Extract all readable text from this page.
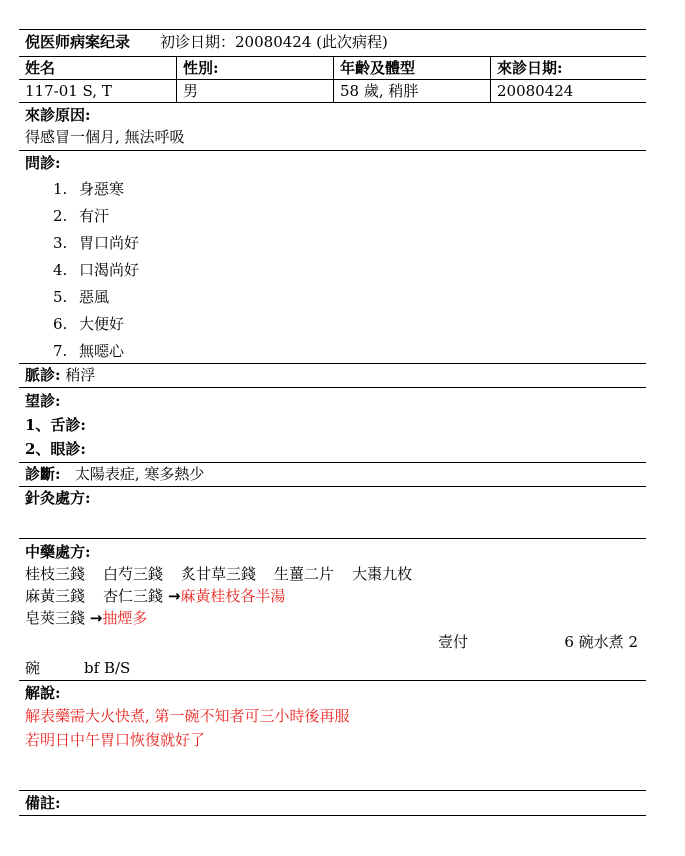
倪医师病案纪录 初诊日期：20080424 (此次病程)
姓名	性別:	年齡及體型	來診日期:
117-01 S, T	男	58 歲, 稍胖	20080424
來診原因:
得感冒一個月, 無法呼吸
問診:
1. 身惡寒
2. 有汗
3. 胃口尚好
4. 口渴尚好
5. 惡風
6. 大便好
7. 無噁心
脈診: 稍浮
望診:
1、舌診:
2、眼診:
診斷: 太陽表症, 寒多熱少
針灸處方:
中藥處方:
桂枝三錢 白芍三錢 炙甘草三錢 生薑二片 大棗九枚
麻黃三錢 杏仁三錢 →麻黃桂枝各半湯
皂莢三錢 →抽煙多
壹付	6 碗水煮 2
碗	bf B/S
解說:
解表藥需大火快煮, 第一碗不知者可三小時後再服
若明日中午胃口恢復就好了
備註:
